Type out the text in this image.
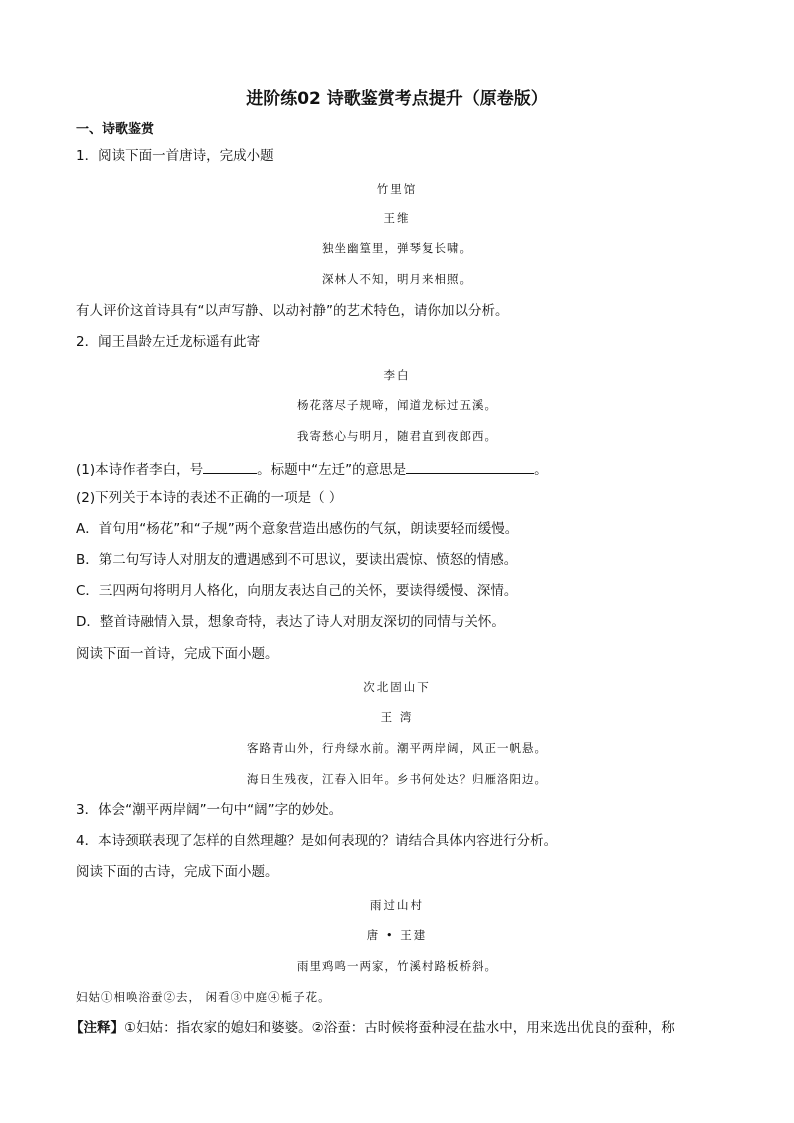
进阶练02 诗歌鉴赏考点提升（原卷版）
一、诗歌鉴赏
1．阅读下面一首唐诗，完成小题
竹里馆
王维
独坐幽篁里，弹琴复长啸。
深林人不知，明月来相照。
有人评价这首诗具有“以声写静、以动衬静”的艺术特色，请你加以分析。
2．闻王昌龄左迁龙标遥有此寄
李白
杨花落尽子规啼，闻道龙标过五溪。
我寄愁心与明月，随君直到夜郎西。
(1)本诗作者李白，号	。标题中“左迁”的意思是	。
(2)下列关于本诗的表述不正确的一项是（ ）
A．首句用“杨花”和“子规”两个意象营造出感伤的气氛，朗读要轻而缓慢。
B．第二句写诗人对朋友的遭遇感到不可思议，要读出震惊、愤怒的情感。
C．三四两句将明月人格化，向朋友表达自己的关怀，要读得缓慢、深情。
D．整首诗融情入景，想象奇特，表达了诗人对朋友深切的同情与关怀。
阅读下面一首诗，完成下面小题。
次北固山下
王 湾
客路青山外，行舟绿水前。潮平两岸阔，风正一帆悬。
海日生残夜，江春入旧年。乡书何处达？归雁洛阳边。
3．体会“潮平两岸阔”一句中“阔”字的妙处。
4．本诗颈联表现了怎样的自然理趣？是如何表现的？请结合具体内容进行分析。
阅读下面的古诗，完成下面小题。
雨过山村
唐 • 王建
雨里鸡鸣一两家，竹溪村路板桥斜。
妇姑①相唤浴蚕②去， 闲看③中庭④栀子花。
【注释】①妇姑：指农家的媳妇和婆婆。②浴蚕：古时候将蚕种浸在盐水中，用来选出优良的蚕种，称
